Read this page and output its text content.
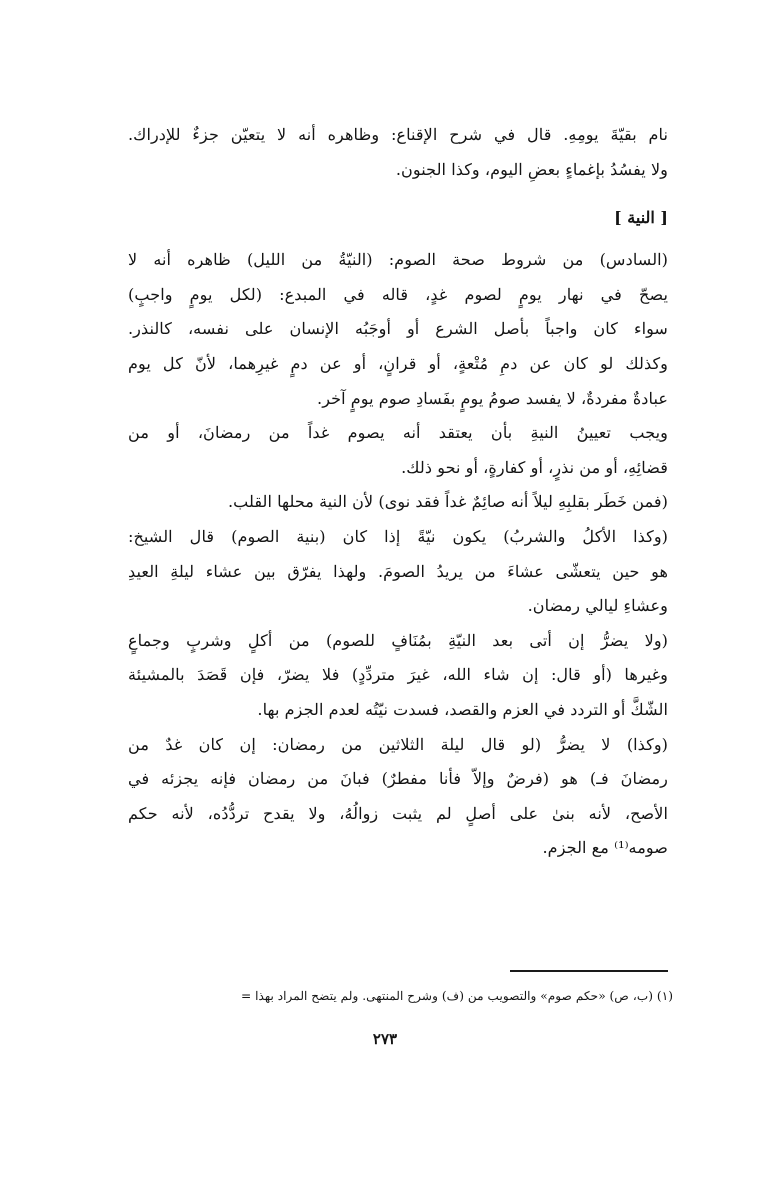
نام بقيّةَ يومِهِ. قال في شرح الإقناع: وظاهره أنه لا يتعيّن جزءٌ للإدراك.
ولا يفسُدُ بإغماءٍ بعضِ اليوم، وكذا الجنون.
[ النية ]
(السادس) من شروط صحة الصوم: (النيّةُ من الليل) ظاهره أنه لا
يصحّ في نهار يومٍ لصوم غدٍ، قاله في المبدع: (لكل يومٍ واجبٍ)
سواء كان واجباً بأصل الشرع أو أوجَبُه الإنسان على نفسه، كالنذر.
وكذلك لو كان عن دمِ مُتْعةٍ، أو قرانٍ، أو عن دمٍ غيرِهما، لأنّ كل يوم
عبادةٌ مفردةٌ، لا يفسد صومُ يومٍ بفَسادِ صوم يومٍ آخر.
ويجب تعيينُ النيةِ بأن يعتقد أنه يصوم غداً من رمضانَ، أو من
قضائِهِ، أو من نذرٍ، أو كفارةٍ، أو نحو ذلك.
(فمن خَطَر بقلبِهِ ليلاً أنه صائِمٌ غداً فقد نوى) لأن النية محلها القلب.
(وكذا الأكلُ والشربُ) يكون نيّةً إذا كان (بنية الصوم) قال الشيخ:
هو حين يتعشّى عشاءَ من يريدُ الصومَ. ولهذا يفرّق بين عشاء ليلةِ العيدِ
وعشاءِ ليالي رمضان.
(ولا يضرُّ إن أتى بعد النيّةِ بمُنَافٍ للصوم) من أكلٍ وشربٍ وجماعٍ
وغيرها (أو قال: إن شاء الله، غيرَ متردِّدٍ) فلا يضرّ، فإن قَصَدَ بالمشيئة
الشّكَّ أو التردد في العزم والقصد، فسدت نيّتُه لعدم الجزم بها.
(وكذا) لا يضرُّ (لو قال ليلة الثلاثين من رمضان: إن كان غدٌ من
رمضانَ فـ) هو (فرضٌ وإلاّ فأنا مفطرٌ) فبانَ من رمضان فإنه يجزئه في
الأصح، لأنه بنىٰ على أصلٍ لم يثبت زوالُهُ، ولا يقدح تردُّدُه، لأنه حكم
صومه⁽¹⁾ مع الجزم.
(١) (ب، ص) «حكم صوم» والتصويب من (ف) وشرح المنتهى. ولم يتضح المراد بهذا =
٢٧٣
